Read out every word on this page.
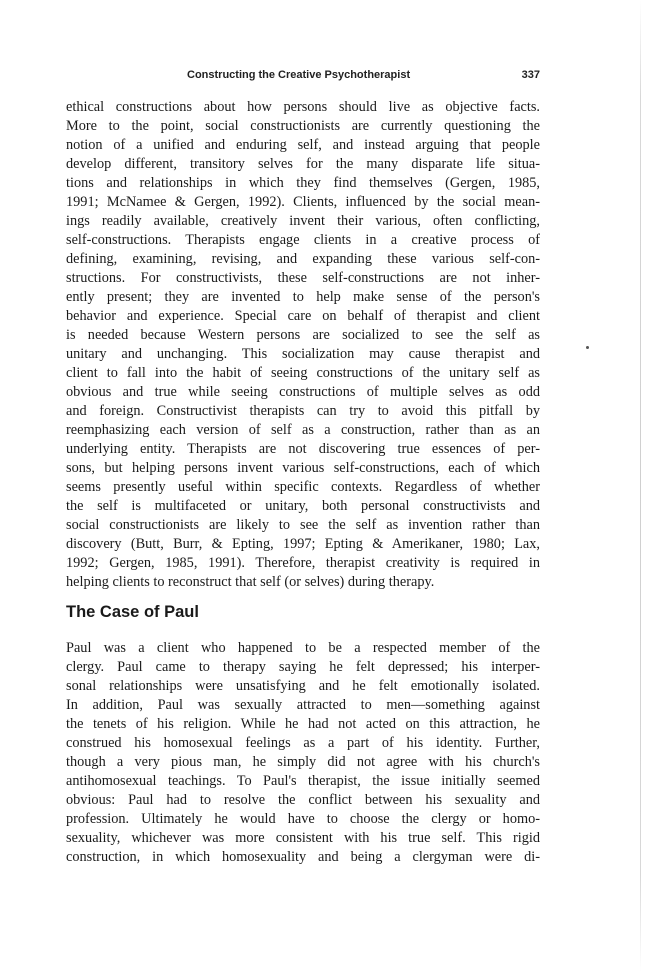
Constructing the Creative Psychotherapist	337
ethical constructions about how persons should live as objective facts.
More to the point, social constructionists are currently questioning the
notion of a unified and enduring self, and instead arguing that people
develop different, transitory selves for the many disparate life situa-
tions and relationships in which they find themselves (Gergen, 1985,
1991; McNamee & Gergen, 1992). Clients, influenced by the social mean-
ings readily available, creatively invent their various, often conflicting,
self-constructions. Therapists engage clients in a creative process of
defining, examining, revising, and expanding these various self-con-
structions. For constructivists, these self-constructions are not inher-
ently present; they are invented to help make sense of the person's
behavior and experience. Special care on behalf of therapist and client
is needed because Western persons are socialized to see the self as
unitary and unchanging. This socialization may cause therapist and
client to fall into the habit of seeing constructions of the unitary self as
obvious and true while seeing constructions of multiple selves as odd
and foreign. Constructivist therapists can try to avoid this pitfall by
reemphasizing each version of self as a construction, rather than as an
underlying entity. Therapists are not discovering true essences of per-
sons, but helping persons invent various self-constructions, each of which
seems presently useful within specific contexts. Regardless of whether
the self is multifaceted or unitary, both personal constructivists and
social constructionists are likely to see the self as invention rather than
discovery (Butt, Burr, & Epting, 1997; Epting & Amerikaner, 1980; Lax,
1992; Gergen, 1985, 1991). Therefore, therapist creativity is required in
helping clients to reconstruct that self (or selves) during therapy.
The Case of Paul
Paul was a client who happened to be a respected member of the
clergy. Paul came to therapy saying he felt depressed; his interper-
sonal relationships were unsatisfying and he felt emotionally isolated.
In addition, Paul was sexually attracted to men—something against
the tenets of his religion. While he had not acted on this attraction, he
construed his homosexual feelings as a part of his identity. Further,
though a very pious man, he simply did not agree with his church's
antihomosexual teachings. To Paul's therapist, the issue initially seemed
obvious: Paul had to resolve the conflict between his sexuality and
profession. Ultimately he would have to choose the clergy or homo-
sexuality, whichever was more consistent with his true self. This rigid
construction, in which homosexuality and being a clergyman were di-
